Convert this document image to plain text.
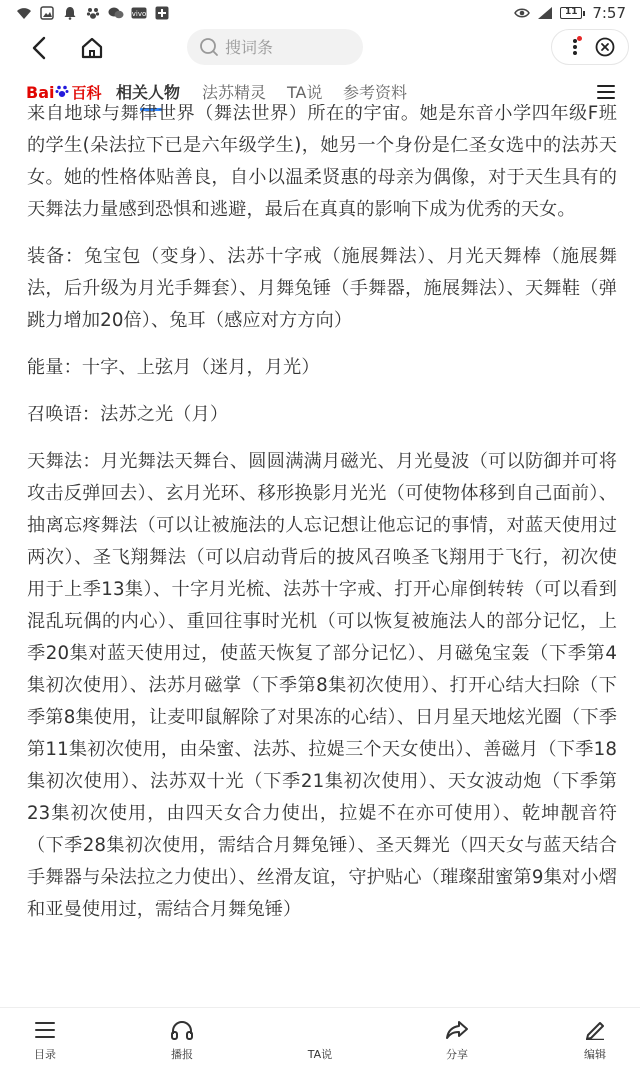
vivo	11 7:57
搜词条
Bai 百科 相关人物 法苏精灵 TA说 参考资料

来自地球与舞律世界（舞法世界）所在的宇宙。她是东音小学四年级F班的学生(朵法拉下已是六年级学生)，她另一个身份是仁圣女选中的法苏天女。她的性格体贴善良，自小以温柔贤惠的母亲为偶像，对于天生具有的天舞法力量感到恐惧和逃避，最后在真真的影响下成为优秀的天女。

装备：兔宝包（变身）、法苏十字戒（施展舞法）、月光天舞棒（施展舞法，后升级为月光手舞套）、月舞兔锤（手舞器，施展舞法）、天舞鞋（弹跳力增加20倍）、兔耳（感应对方方向）

能量：十字、上弦月（迷月，月光）

召唤语：法苏之光（月）

天舞法：月光舞法天舞台、圆圆满满月磁光、月光曼波（可以防御并可将攻击反弹回去）、玄月光环、移形换影月光光（可使物体移到自己面前）、抽离忘疼舞法（可以让被施法的人忘记想让他忘记的事情，对蓝天使用过两次）、圣飞翔舞法（可以启动背后的披风召唤圣飞翔用于飞行，初次使用于上季13集）、十字月光梳、法苏十字戒、打开心扉倒转转（可以看到混乱玩偶的内心）、重回往事时光机（可以恢复被施法人的部分记忆，上季20集对蓝天使用过，使蓝天恢复了部分记忆）、月磁兔宝轰（下季第4集初次使用）、法苏月磁掌（下季第8集初次使用）、打开心结大扫除（下季第8集使用，让麦叩鼠解除了对果冻的心结）、日月星天地炫光圈（下季第11集初次使用，由朵蜜、法苏、拉媞三个天女使出）、善磁月（下季18集初次使用）、法苏双十光（下季21集初次使用）、天女波动炮（下季第23集初次使用，由四天女合力使出，拉媞不在亦可使用）、乾坤靓音符（下季28集初次使用，需结合月舞兔锤）、圣天舞光（四天女与蓝天结合手舞器与朵法拉之力使出）、丝滑友谊，守护贴心（璀璨甜蜜第9集对小熠和亚曼使用过，需结合月舞兔锤）

目录	播报	TA说	分享	编辑
